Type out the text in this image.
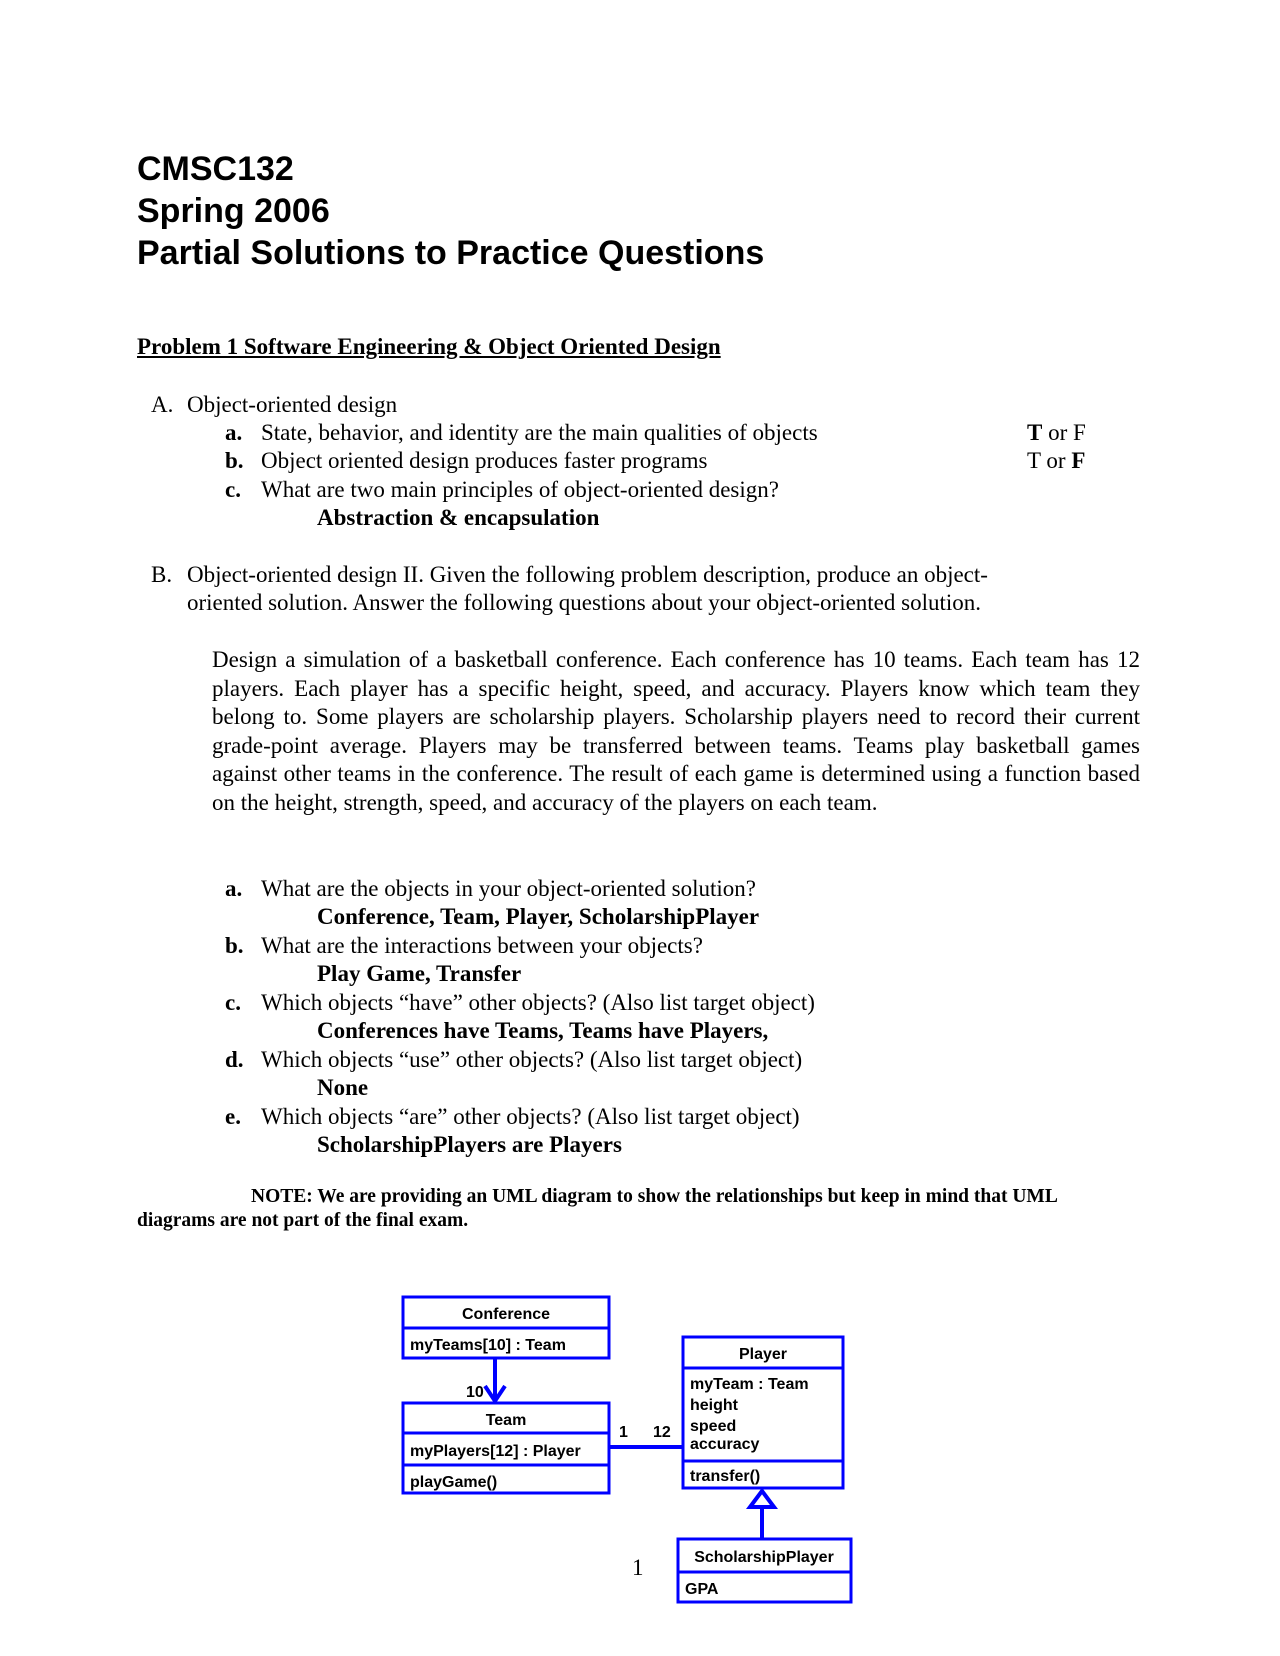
CMSC132
Spring 2006
Partial Solutions to Practice Questions
Problem 1 Software Engineering & Object Oriented Design
A. Object-oriented design
a. State, behavior, and identity are the main qualities of objects	T or F
b. Object oriented design produces faster programs	T or F
c. What are two main principles of object-oriented design?
Abstraction & encapsulation
B. Object-oriented design II. Given the following problem description, produce an object-
oriented solution. Answer the following questions about your object-oriented solution.
Design a simulation of a basketball conference. Each conference has 10 teams. Each team has 12 players. Each player has a specific height, speed, and accuracy. Players know which team they belong to. Some players are scholarship players. Scholarship players need to record their current grade-point average. Players may be transferred between teams. Teams play basketball games against other teams in the conference. The result of each game is determined using a function based on the height, strength, speed, and accuracy of the players on each team.
a. What are the objects in your object-oriented solution?
Conference, Team, Player, ScholarshipPlayer
b. What are the interactions between your objects?
Play Game, Transfer
c. Which objects “have” other objects? (Also list target object)
Conferences have Teams, Teams have Players,
d. Which objects “use” other objects? (Also list target object)
None
e. Which objects “are” other objects? (Also list target object)
ScholarshipPlayers are Players
NOTE: We are providing an UML diagram to show the relationships but keep in mind that UML
diagrams are not part of the final exam.
Conference
myTeams[10] : Team
10
Team
myPlayers[12] : Player
playGame()
1 12
Player
myTeam : Team
height
speed
accuracy
transfer()
ScholarshipPlayer
GPA
1
